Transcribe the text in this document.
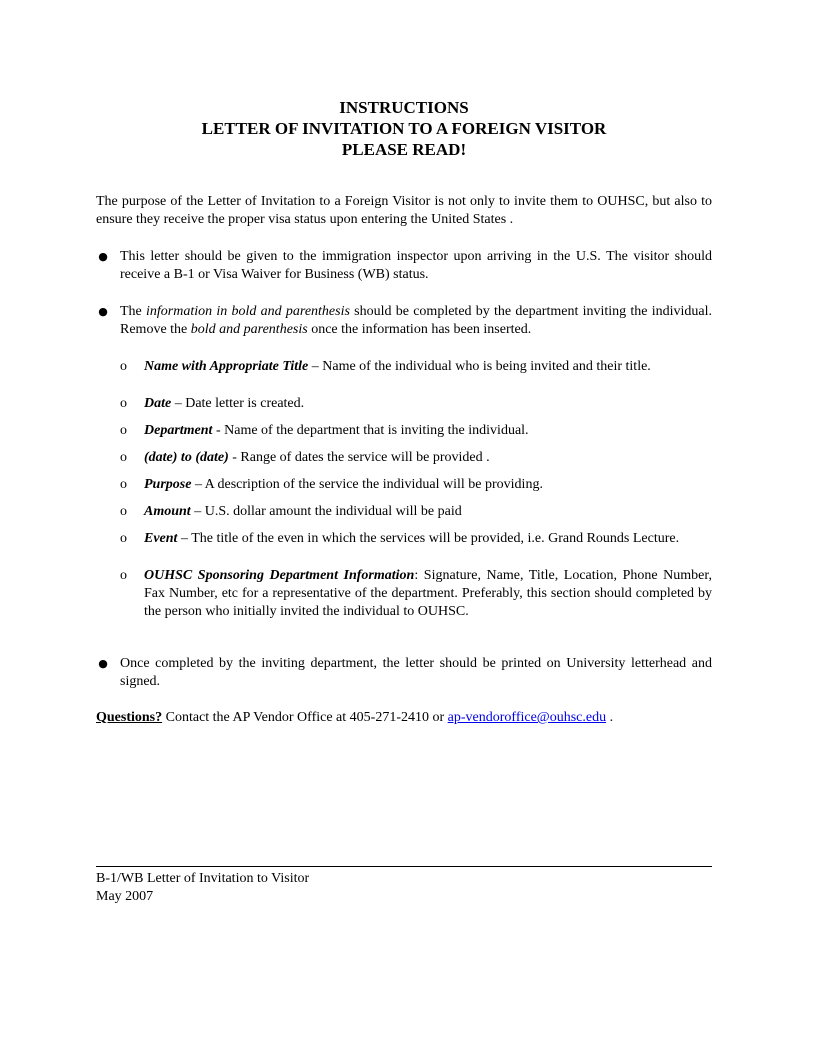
INSTRUCTIONS
LETTER OF INVITATION TO A FOREIGN VISITOR
PLEASE READ!
The purpose of the Letter of Invitation to a Foreign Visitor is not only to invite them to OUHSC, but also to ensure they receive the proper visa status upon entering the United States .
● This letter should be given to the immigration inspector upon arriving in the U.S. The visitor should receive a B-1 or Visa Waiver for Business (WB) status.
● The information in bold and parenthesis should be completed by the department inviting the individual. Remove the bold and parenthesis once the information has been inserted.
o Name with Appropriate Title – Name of the individual who is being invited and their title.
o Date – Date letter is created.
o Department - Name of the department that is inviting the individual.
o (date) to (date) - Range of dates the service will be provided .
o Purpose – A description of the service the individual will be providing.
o Amount – U.S. dollar amount the individual will be paid
o Event – The title of the even in which the services will be provided, i.e. Grand Rounds Lecture.
o OUHSC Sponsoring Department Information: Signature, Name, Title, Location, Phone Number, Fax Number, etc for a representative of the department. Preferably, this section should completed by the person who initially invited the individual to OUHSC.
● Once completed by the inviting department, the letter should be printed on University letterhead and signed.
Questions? Contact the AP Vendor Office at 405-271-2410 or ap-vendoroffice@ouhsc.edu .
B-1/WB Letter of Invitation to Visitor
May 2007
